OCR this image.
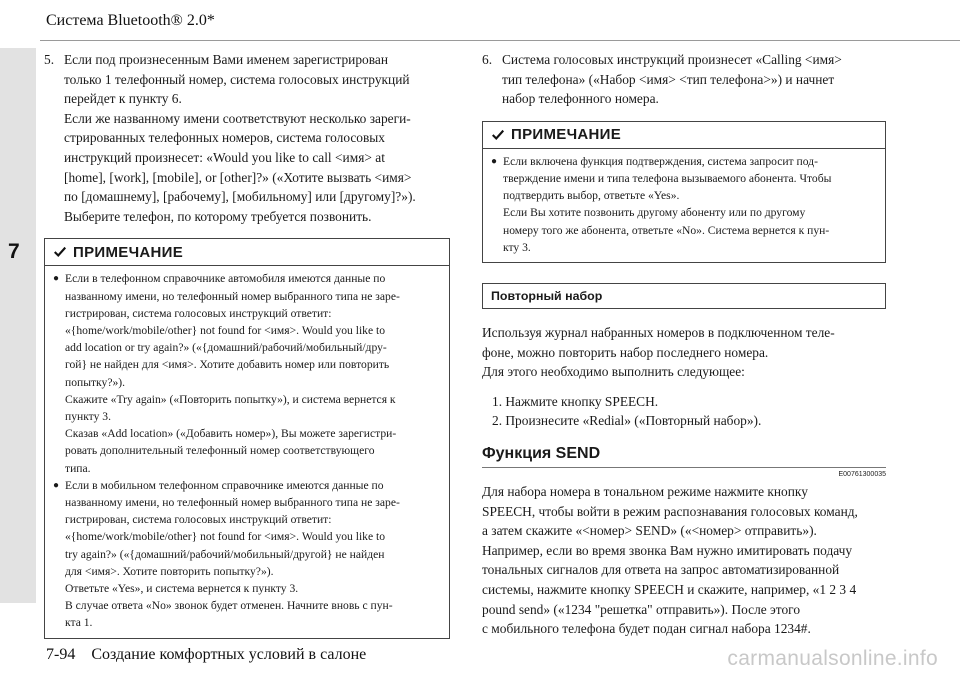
7
Система Bluetooth® 2.0*
5. Если под произнесенным Вами именем зарегистрирован
только 1 телефонный номер, система голосовых инструкций
перейдет к пункту 6.
Если же названному имени соответствуют несколько зареги-
стрированных телефонных номеров, система голосовых
инструкций произнесет: «Would you like to call <имя> at
[home], [work], [mobile], or [other]?» («Хотите вызвать <имя>
по [домашнему], [рабочему], [мобильному] или [другому]?»).
Выберите телефон, по которому требуется позвонить.
ПРИМЕЧАНИЕ
● Если в телефонном справочнике автомобиля имеются данные по
названному имени, но телефонный номер выбранного типа не заре-
гистрирован, система голосовых инструкций ответит:
«{home/work/mobile/other} not found for <имя>. Would you like to
add location or try again?» («{домашний/рабочий/мобильный/дру-
гой} не найден для <имя>. Хотите добавить номер или повторить
попытку?»).
Скажите «Try again» («Повторить попытку»), и система вернется к
пункту 3.
Сказав «Add location» («Добавить номер»), Вы можете зарегистри-
ровать дополнительный телефонный номер соответствующего
типа.
● Если в мобильном телефонном справочнике имеются данные по
названному имени, но телефонный номер выбранного типа не заре-
гистрирован, система голосовых инструкций ответит:
«{home/work/mobile/other} not found for <имя>. Would you like to
try again?» («{домашний/рабочий/мобильный/другой} не найден
для <имя>. Хотите повторить попытку?»).
Ответьте «Yes», и система вернется к пункту 3.
В случае ответа «No» звонок будет отменен. Начните вновь с пун-
кта 1.
6. Система голосовых инструкций произнесет «Calling <имя>
тип телефона» («Набор <имя> <тип телефона>») и начнет
набор телефонного номера.
ПРИМЕЧАНИЕ
● Если включена функция подтверждения, система запросит под-
тверждение имени и типа телефона вызываемого абонента. Чтобы
подтвердить выбор, ответьте «Yes».
Если Вы хотите позвонить другому абоненту или по другому
номеру того же абонента, ответьте «No». Система вернется к пун-
кту 3.
Повторный набор
Используя журнал набранных номеров в подключенном теле-
фоне, можно повторить набор последнего номера.
Для этого необходимо выполнить следующее:
1. Нажмите кнопку SPEECH.
2. Произнесите «Redial» («Повторный набор»).
Функция SEND
E00761300035
Для набора номера в тональном режиме нажмите кнопку
SPEECH, чтобы войти в режим распознавания голосовых команд,
а затем скажите «<номер> SEND» («<номер> отправить»).
Например, если во время звонка Вам нужно имитировать подачу
тональных сигналов для ответа на запрос автоматизированной
системы, нажмите кнопку SPEECH и скажите, например, «1 2 3 4
pound send» («1234 "решетка" отправить»). После этого
с мобильного телефона будет подан сигнал набора 1234#.
7-94    Создание комфортных условий в салоне	carmanualsonline.info
